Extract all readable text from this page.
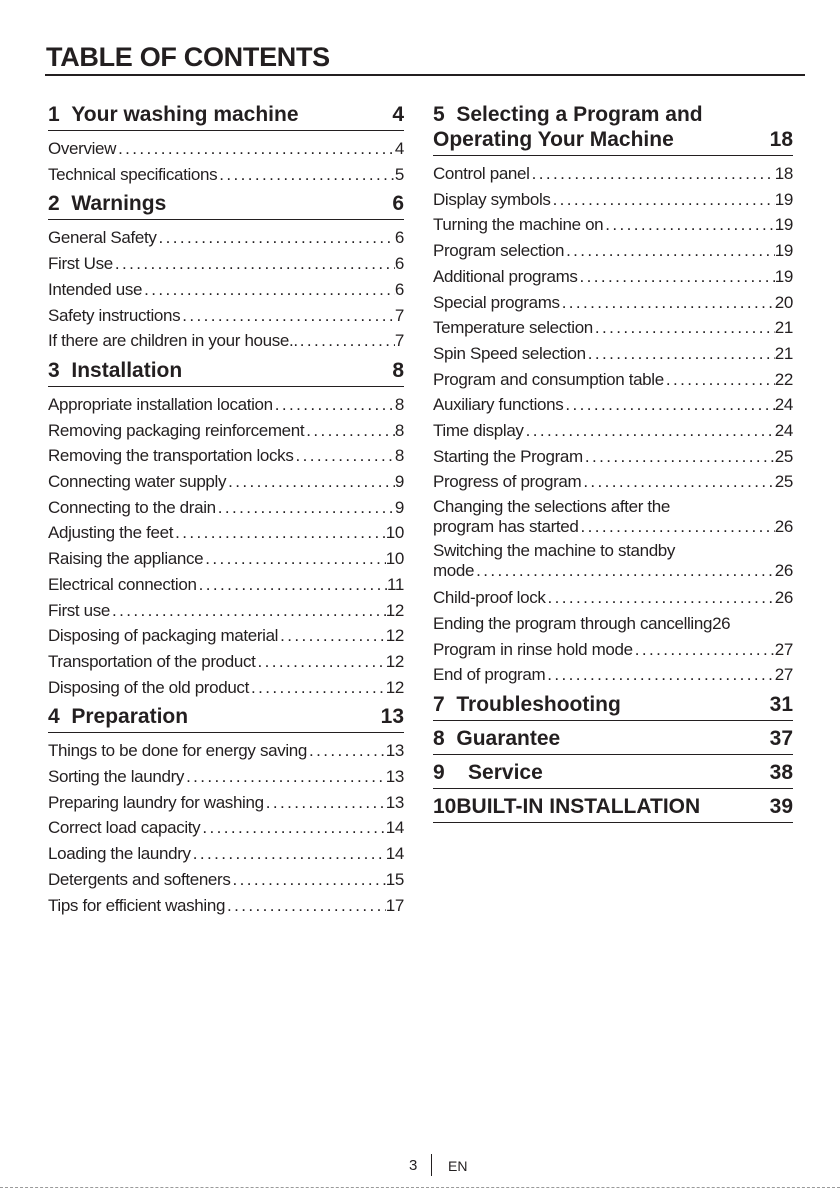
TABLE OF CONTENTS
1 Your washing machine	4
Overview .....	4
Technical specifications .....	5
2 Warnings	6
General Safety .....	6
First Use .....	6
Intended use .....	6
Safety instructions .....	7
If there are children in your house.. .....	7
3 Installation	8
Appropriate installation location .....	8
Removing packaging reinforcement .....	8
Removing the transportation locks .....	8
Connecting water supply .....	9
Connecting to the drain .....	9
Adjusting the feet .....	10
Raising the appliance .....	10
Electrical connection .....	11
First use .....	12
Disposing of packaging material .....	12
Transportation of the product .....	12
Disposing of the old product .....	12
4 Preparation	13
Things to be done for energy saving .....	13
Sorting the laundry .....	13
Preparing laundry for washing .....	13
Correct load capacity .....	14
Loading the laundry .....	14
Detergents and softeners .....	15
Tips for efficient washing .....	17
5 Selecting a Program and
Operating Your Machine	18
Control panel .....	18
Display symbols .....	19
Turning the machine on .....	19
Program selection .....	19
Additional programs .....	19
Special programs .....	20
Temperature selection .....	21
Spin Speed selection .....	21
Program and consumption table .....	22
Auxiliary functions .....	24
Time display .....	24
Starting the Program .....	25
Progress of program .....	25
Changing the selections after the
program has started .....	26
Switching the machine to standby
mode .....	26
Child-proof lock .....	26
Ending the program through cancelling 26
Program in rinse hold mode .....	27
End of program .....	27
7 Troubleshooting	31
8 Guarantee	37
9 Service	38
10BUILT-IN INSTALLATION	39
3 EN
